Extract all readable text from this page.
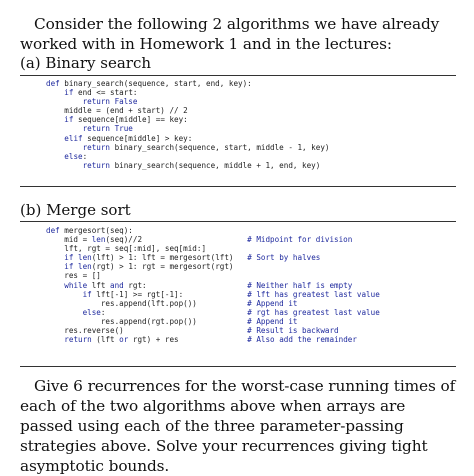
Consider the following 2 algorithms we have already worked with in Homework 1 and in the lectures:
(a) Binary search
def binary_search(sequence, start, end, key):
if end <= start:
return False
middle = (end + start) // 2
if sequence[middle] == key:
return True
elif sequence[middle] > key:
return binary_search(sequence, start, middle - 1, key)
else:
return binary_search(sequence, middle + 1, end, key)
(b) Merge sort
def mergesort(seq):
mid = len(seq)//2                       # Midpoint for division
lft, rgt = seq[:mid], seq[mid:]
if len(lft) > 1: lft = mergesort(lft)   # Sort by halves
if len(rgt) > 1: rgt = mergesort(rgt)
res = []
while lft and rgt:                      # Neither half is empty
if lft[-1] >= rgt[-1]:              # lft has greatest last value
res.append(lft.pop())           # Append it
else:                               # rgt has greatest last value
res.append(rgt.pop())           # Append it
res.reverse()                           # Result is backward
return (lft or rgt) + res               # Also add the remainder
Give 6 recurrences for the worst-case running times of each of the two algorithms above when arrays are passed using each of the three parameter-passing strategies above. Solve your recurrences giving tight asymptotic bounds.
